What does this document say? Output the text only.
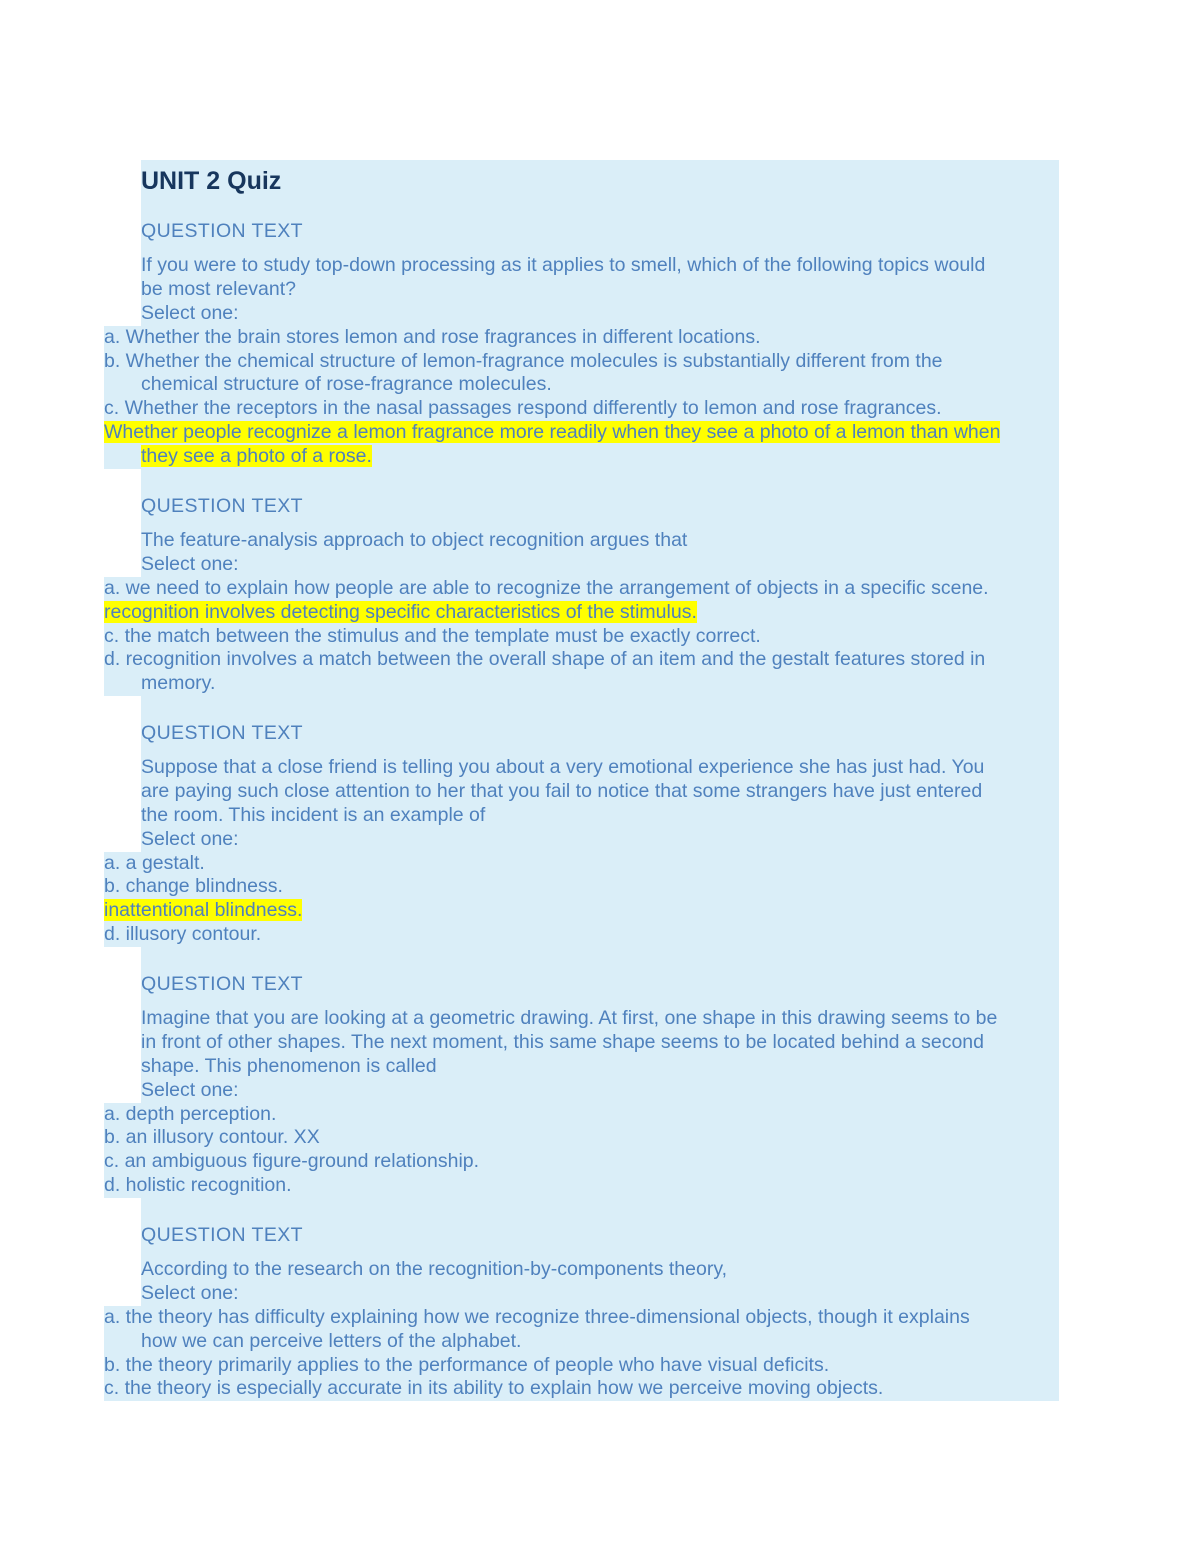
UNIT 2 Quiz
QUESTION TEXT
If you were to study top-down processing as it applies to smell, which of the following topics would
be most relevant?
Select one:
a. Whether the brain stores lemon and rose fragrances in different locations.
b. Whether the chemical structure of lemon-fragrance molecules is substantially different from the
chemical structure of rose-fragrance molecules.
c. Whether the receptors in the nasal passages respond differently to lemon and rose fragrances.
Whether people recognize a lemon fragrance more readily when they see a photo of a lemon than when
they see a photo of a rose.
QUESTION TEXT
The feature-analysis approach to object recognition argues that
Select one:
a. we need to explain how people are able to recognize the arrangement of objects in a specific scene.
recognition involves detecting specific characteristics of the stimulus.
c. the match between the stimulus and the template must be exactly correct.
d. recognition involves a match between the overall shape of an item and the gestalt features stored in
memory.
QUESTION TEXT
Suppose that a close friend is telling you about a very emotional experience she has just had. You
are paying such close attention to her that you fail to notice that some strangers have just entered
the room. This incident is an example of
Select one:
a. a gestalt.
b. change blindness.
inattentional blindness.
d. illusory contour.
QUESTION TEXT
Imagine that you are looking at a geometric drawing. At first, one shape in this drawing seems to be
in front of other shapes. The next moment, this same shape seems to be located behind a second
shape. This phenomenon is called
Select one:
a. depth perception.
b. an illusory contour. XX
c. an ambiguous figure-ground relationship.
d. holistic recognition.
QUESTION TEXT
According to the research on the recognition-by-components theory,
Select one:
a. the theory has difficulty explaining how we recognize three-dimensional objects, though it explains
how we can perceive letters of the alphabet.
b. the theory primarily applies to the performance of people who have visual deficits.
c. the theory is especially accurate in its ability to explain how we perceive moving objects.
